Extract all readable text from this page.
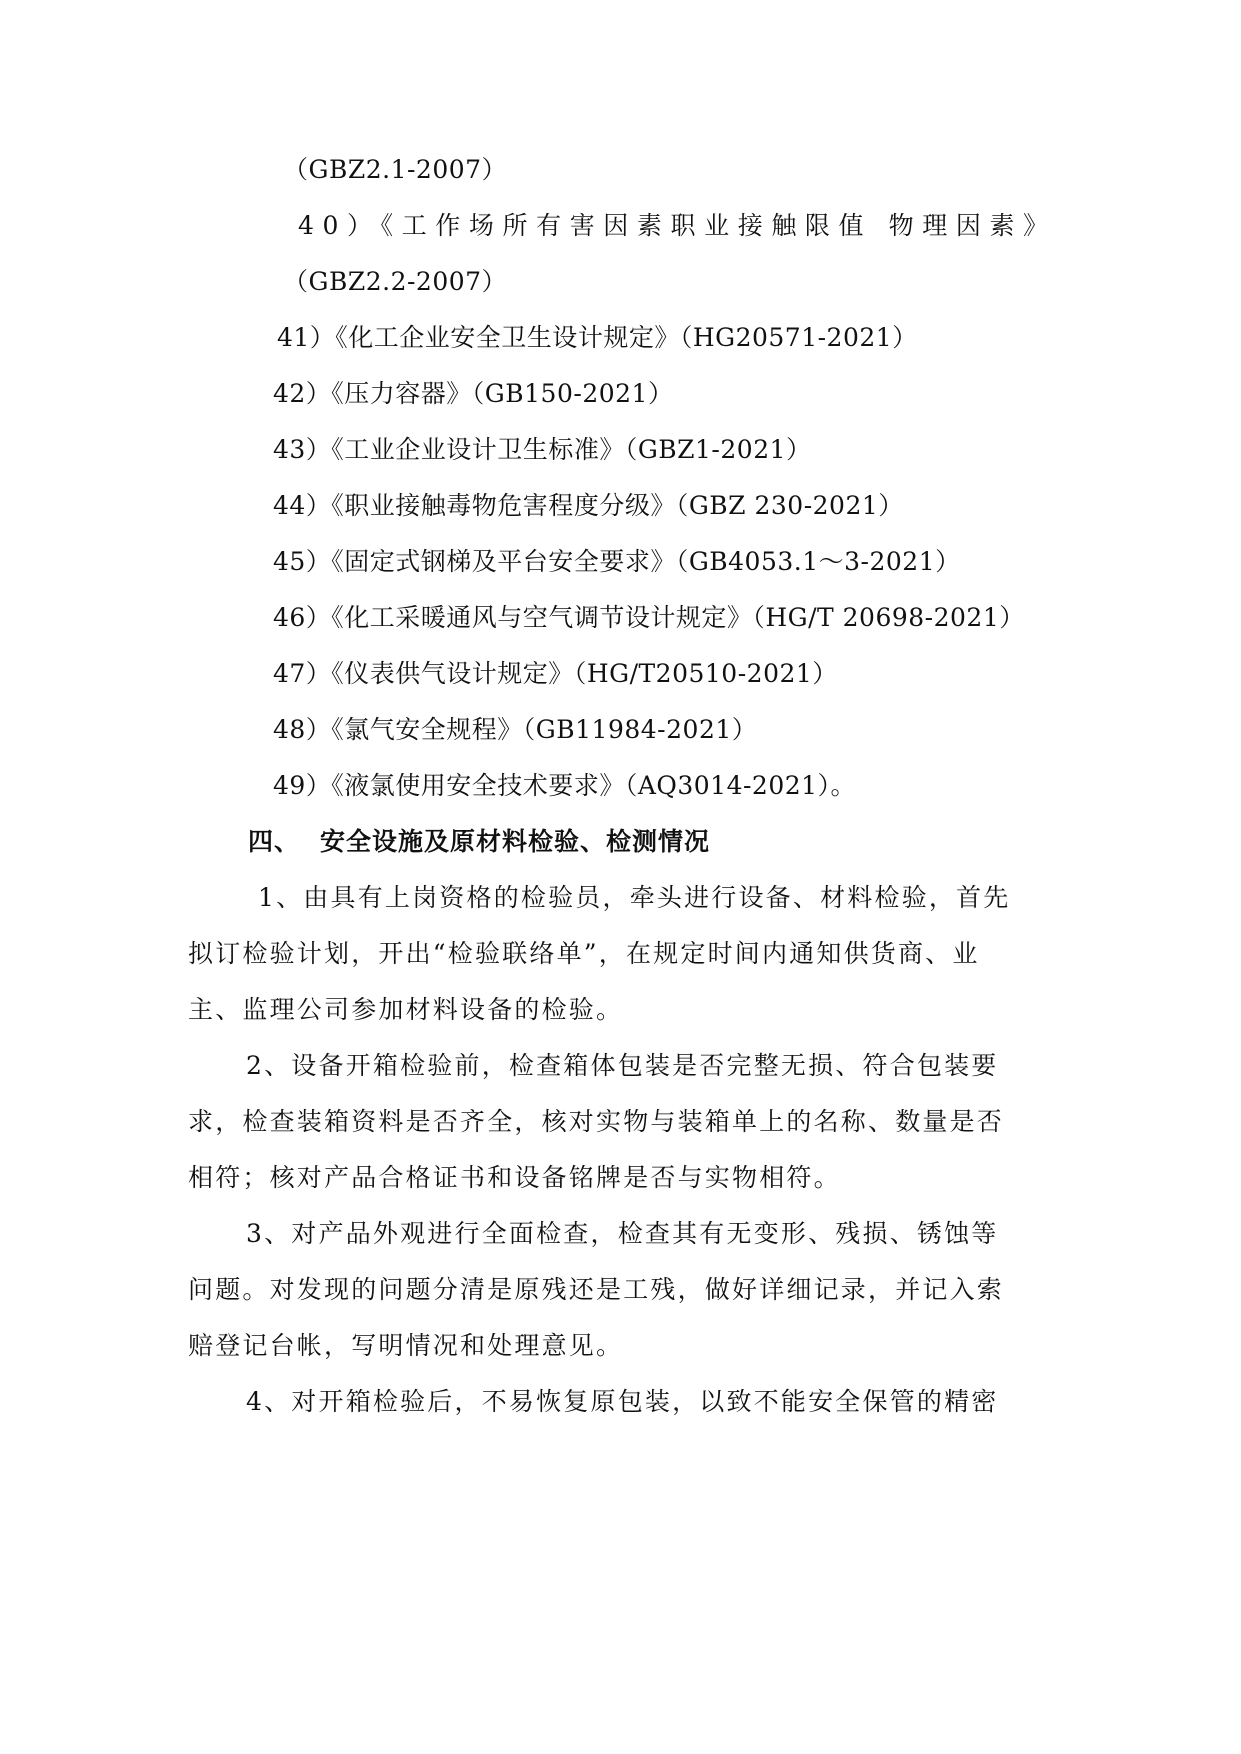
（GBZ2.1-2007）
40）《工作场所有害因素职业接触限值 物理因素》
（GBZ2.2-2007）
41）《化工企业安全卫生设计规定》（HG20571-2021）
42）《压力容器》（GB150-2021）
43）《工业企业设计卫生标准》（GBZ1-2021）
44）《职业接触毒物危害程度分级》（GBZ 230-2021）
45）《固定式钢梯及平台安全要求》（GB4053.1～3-2021）
46）《化工采暖通风与空气调节设计规定》（HG/T 20698-2021）
47）《仪表供气设计规定》（HG/T20510-2021）
48）《氯气安全规程》（GB11984-2021）
49）《液氯使用安全技术要求》（AQ3014-2021）。
四、 安全设施及原材料检验、检测情况
1、由具有上岗资格的检验员，牵头进行设备、材料检验，首先
拟订检验计划，开出“检验联络单”，在规定时间内通知供货商、业
主、监理公司参加材料设备的检验。
2、设备开箱检验前，检查箱体包装是否完整无损、符合包装要
求，检查装箱资料是否齐全，核对实物与装箱单上的名称、数量是否
相符；核对产品合格证书和设备铭牌是否与实物相符。
3、对产品外观进行全面检查，检查其有无变形、残损、锈蚀等
问题。对发现的问题分清是原残还是工残，做好详细记录，并记入索
赔登记台帐，写明情况和处理意见。
4、对开箱检验后，不易恢复原包装，以致不能安全保管的精密
